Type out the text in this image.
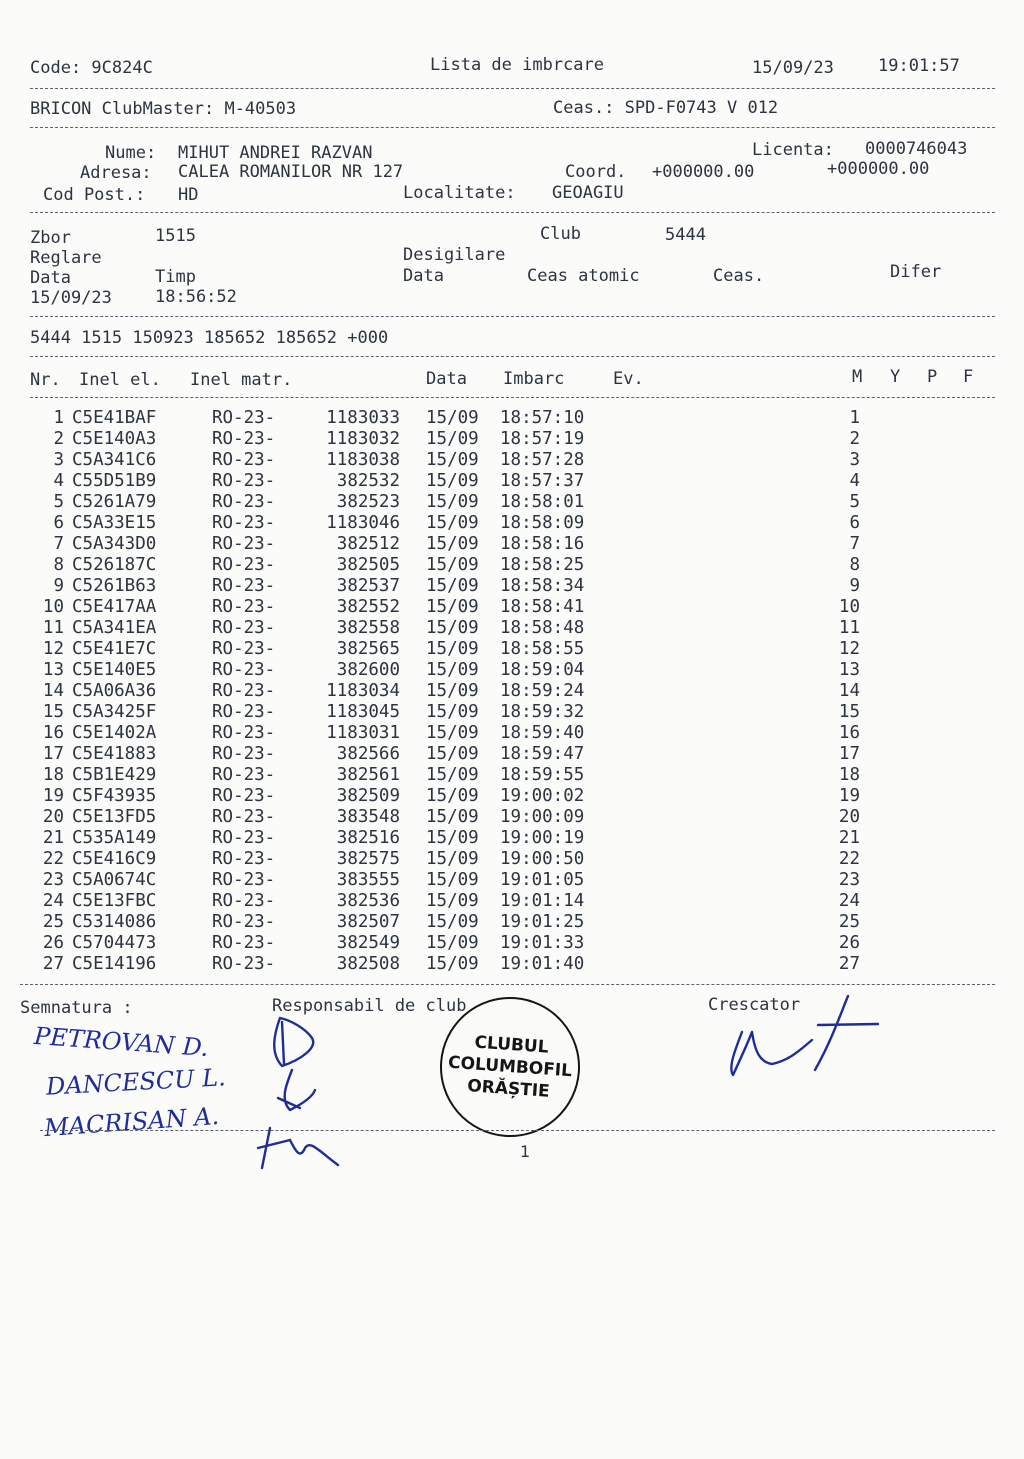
Code: 9C824C	Lista de imbrcare	15/09/23	19:01:57
BRICON ClubMaster: M-40503	Ceas.: SPD-F0743 V 012
Nume: MIHUT ANDREI RAZVAN	Licenta: 0000746043
Adresa: CALEA ROMANILOR NR 127	Coord. +000000.00	+000000.00
Cod Post.: HD	Localitate: GEOAGIU
Zbor	1515	Club	5444
Reglare	Desigilare
Data	Timp	Data	Ceas atomic	Ceas.	Difer
15/09/23	18:56:52
5444 1515 150923 185652 185652 +000
Nr. Inel el. Inel matr.	Data Imbarc	Ev.	M Y P F
1 C5E41BAF	RO-23-	1183033 15/09 18:57:10	1
2 C5E140A3	RO-23-	1183032 15/09 18:57:19	2
3 C5A341C6	RO-23-	1183038 15/09 18:57:28	3
4 C55D51B9	RO-23-	382532 15/09 18:57:37	4
5 C5261A79	RO-23-	382523 15/09 18:58:01	5
6 C5A33E15	RO-23-	1183046 15/09 18:58:09	6
7 C5A343D0	RO-23-	382512 15/09 18:58:16	7
8 C526187C	RO-23-	382505 15/09 18:58:25	8
9 C5261B63	RO-23-	382537 15/09 18:58:34	9
10 C5E417AA	RO-23-	382552 15/09 18:58:41	10
11 C5A341EA	RO-23-	382558 15/09 18:58:48	11
12 C5E41E7C	RO-23-	382565 15/09 18:58:55	12
13 C5E140E5	RO-23-	382600 15/09 18:59:04	13
14 C5A06A36	RO-23-	1183034 15/09 18:59:24	14
15 C5A3425F	RO-23-	1183045 15/09 18:59:32	15
16 C5E1402A	RO-23-	1183031 15/09 18:59:40	16
17 C5E41883	RO-23-	382566 15/09 18:59:47	17
18 C5B1E429	RO-23-	382561 15/09 18:59:55	18
19 C5F43935	RO-23-	382509 15/09 19:00:02	19
20 C5E13FD5	RO-23-	383548 15/09 19:00:09	20
21 C535A149	RO-23-	382516 15/09 19:00:19	21
22 C5E416C9	RO-23-	382575 15/09 19:00:50	22
23 C5A0674C	RO-23-	383555 15/09 19:01:05	23
24 C5E13FBC	RO-23-	382536 15/09 19:01:14	24
25 C5314086	RO-23-	382507 15/09 19:01:25	25
26 C5704473	RO-23-	382549 15/09 19:01:33	26
27 C5E14196	RO-23-	382508 15/09 19:01:40	27
Semnatura :	Responsabil de club	Crescator
PETROVAN D.
DANCESCU L.
MACRISAN A.
CLUBUL
COLUMBOFIL
ORĂȘTIE
1
